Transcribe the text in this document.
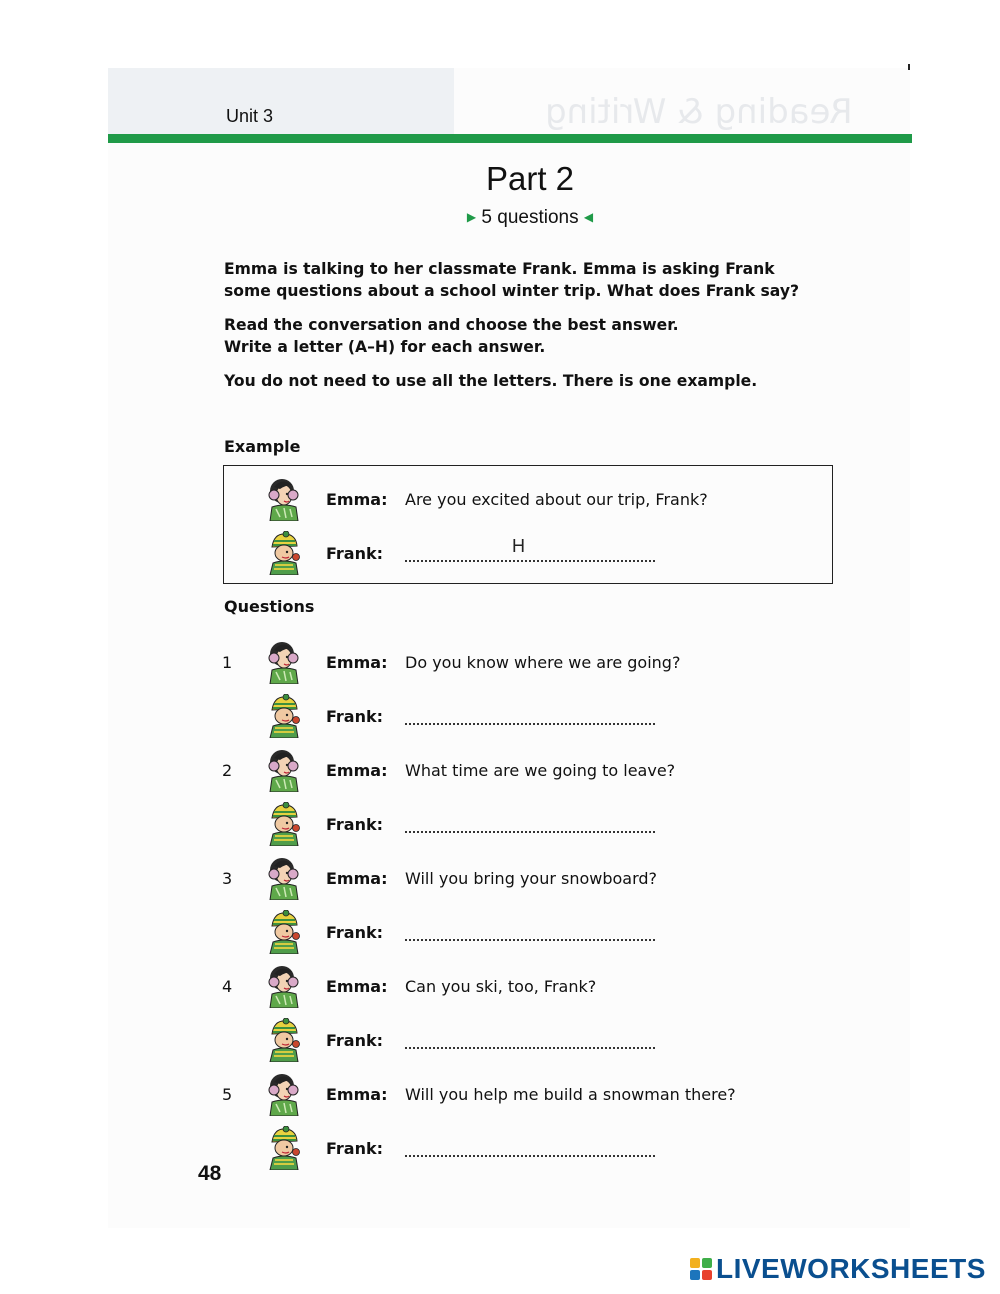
Reading & Writing
Unit 3
Part 2
▶ 5 questions ◀
Emma is talking to her classmate Frank. Emma is asking Frank
some questions about a school winter trip. What does Frank say?
Read the conversation and choose the best answer.
Write a letter (A–H) for each answer.
You do not need to use all the letters. There is one example.
Example
Emma: Are you excited about our trip, Frank?
Frank:	H
Questions
1	Emma: Do you know where we are going?
Frank:
2	Emma: What time are we going to leave?
Frank:
3	Emma: Will you bring your snowboard?
Frank:
4	Emma: Can you ski, too, Frank?
Frank:
5	Emma: Will you help me build a snowman there?
Frank:
48
LIVEWORKSHEETS
